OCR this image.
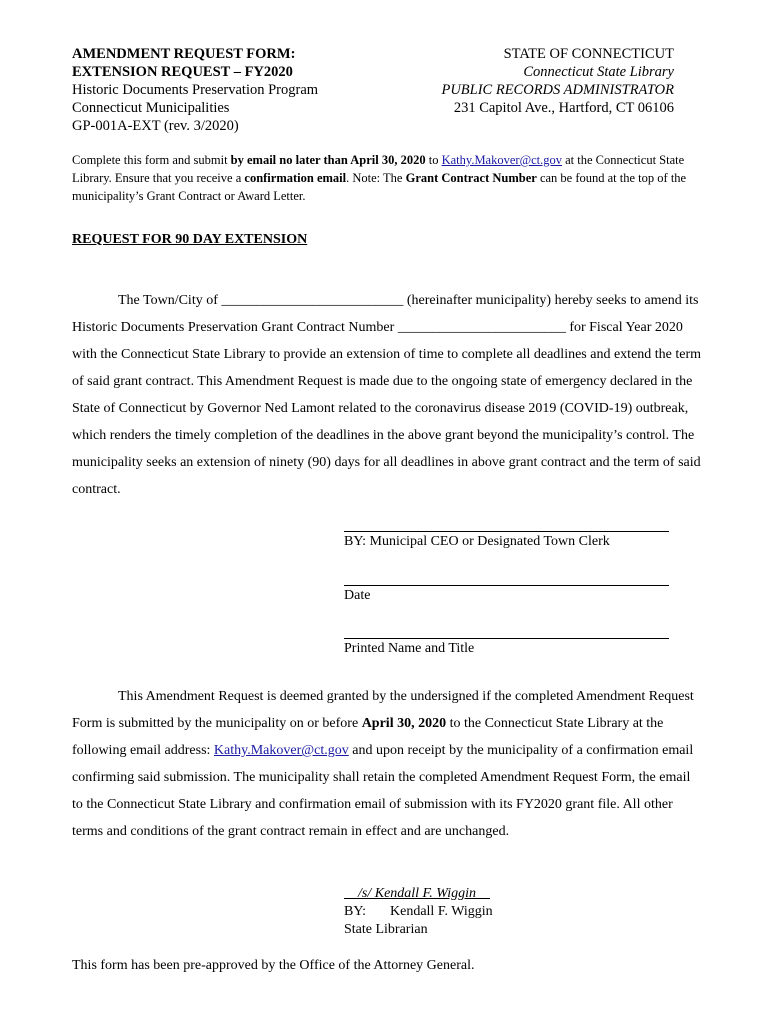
AMENDMENT REQUEST FORM:
EXTENSION REQUEST – FY2020
Historic Documents Preservation Program
Connecticut Municipalities
GP-001A-EXT (rev. 3/2020)
STATE OF CONNECTICUT
Connecticut State Library
PUBLIC RECORDS ADMINISTRATOR
231 Capitol Ave., Hartford, CT 06106
Complete this form and submit by email no later than April 30, 2020 to Kathy.Makover@ct.gov at the Connecticut State Library. Ensure that you receive a confirmation email. Note: The Grant Contract Number can be found at the top of the municipality’s Grant Contract or Award Letter.
REQUEST FOR 90 DAY EXTENSION
The Town/City of __________________________ (hereinafter municipality) hereby seeks to amend its Historic Documents Preservation Grant Contract Number ________________________ for Fiscal Year 2020 with the Connecticut State Library to provide an extension of time to complete all deadlines and extend the term of said grant contract. This Amendment Request is made due to the ongoing state of emergency declared in the State of Connecticut by Governor Ned Lamont related to the coronavirus disease 2019 (COVID-19) outbreak, which renders the timely completion of the deadlines in the above grant beyond the municipality’s control. The municipality seeks an extension of ninety (90) days for all deadlines in above grant contract and the term of said contract.
BY: Municipal CEO or Designated Town Clerk
Date
Printed Name and Title
This Amendment Request is deemed granted by the undersigned if the completed Amendment Request Form is submitted by the municipality on or before April 30, 2020 to the Connecticut State Library at the following email address: Kathy.Makover@ct.gov and upon receipt by the municipality of a confirmation email confirming said submission. The municipality shall retain the completed Amendment Request Form, the email to the Connecticut State Library and confirmation email of submission with its FY2020 grant file. All other terms and conditions of the grant contract remain in effect and are unchanged.
/s/ Kendall F. Wiggin
BY: Kendall F. Wiggin
State Librarian
This form has been pre-approved by the Office of the Attorney General.
